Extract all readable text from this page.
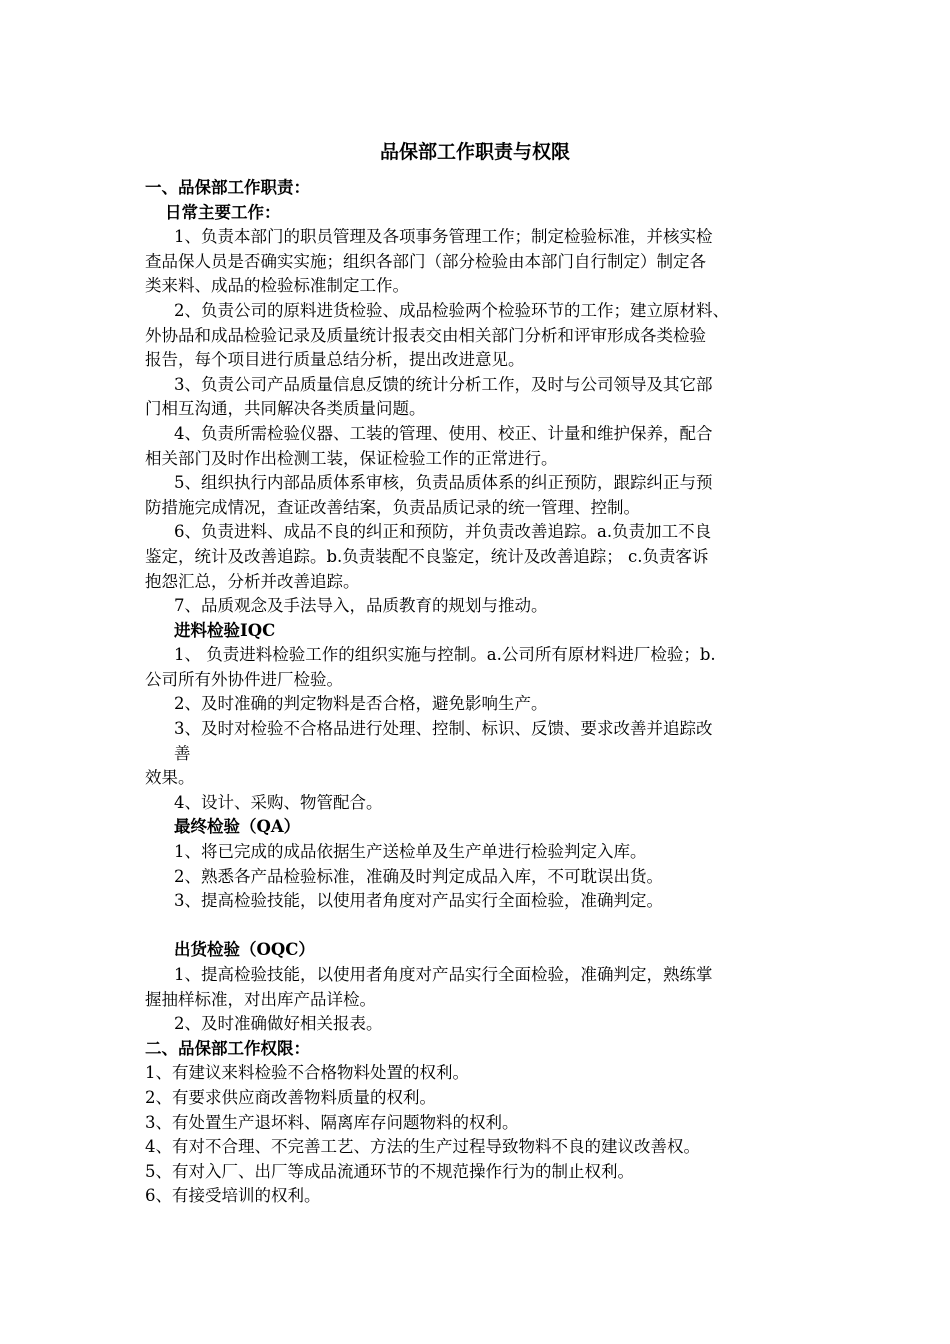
品保部工作职责与权限
一、品保部工作职责：
日常主要工作：
1、负责本部门的职员管理及各项事务管理工作；制定检验标准，并核实检
查品保人员是否确实实施；组织各部门（部分检验由本部门自行制定）制定各
类来料、成品的检验标准制定工作。
2、负责公司的原料进货检验、成品检验两个检验环节的工作；建立原材料、
外协品和成品检验记录及质量统计报表交由相关部门分析和评审形成各类检验
报告，每个项目进行质量总结分析，提出改进意见。
3、负责公司产品质量信息反馈的统计分析工作，及时与公司领导及其它部
门相互沟通，共同解决各类质量问题。
4、负责所需检验仪器、工装的管理、使用、校正、计量和维护保养，配合
相关部门及时作出检测工装，保证检验工作的正常进行。
5、组织执行内部品质体系审核，负责品质体系的纠正预防，跟踪纠正与预
防措施完成情况，查证改善结案，负责品质记录的统一管理、控制。
6、负责进料、成品不良的纠正和预防，并负责改善追踪。a.负责加工不良
鉴定，统计及改善追踪。b.负责装配不良鉴定，统计及改善追踪； c.负责客诉
抱怨汇总，分析并改善追踪。
7、品质观念及手法导入，品质教育的规划与推动。
进料检验IQC
1、 负责进料检验工作的组织实施与控制。a.公司所有原材料进厂检验；b.
公司所有外协件进厂检验。
2、及时准确的判定物料是否合格，避免影响生产。
3、及时对检验不合格品进行处理、控制、标识、反馈、要求改善并追踪改
善
效果。
4、设计、采购、物管配合。
最终检验（QA）
1、将已完成的成品依据生产送检单及生产单进行检验判定入库。
2、熟悉各产品检验标准，准确及时判定成品入库，不可耽误出货。
3、提高检验技能，以使用者角度对产品实行全面检验，准确判定。
出货检验（OQC）
1、提高检验技能，以使用者角度对产品实行全面检验，准确判定，熟练掌
握抽样标准，对出库产品详检。
2、及时准确做好相关报表。
二、品保部工作权限：
1、有建议来料检验不合格物料处置的权利。
2、有要求供应商改善物料质量的权利。
3、有处置生产退坏料、隔离库存问题物料的权利。
4、有对不合理、不完善工艺、方法的生产过程导致物料不良的建议改善权。
5、有对入厂、出厂等成品流通环节的不规范操作行为的制止权利。
6、有接受培训的权利。
